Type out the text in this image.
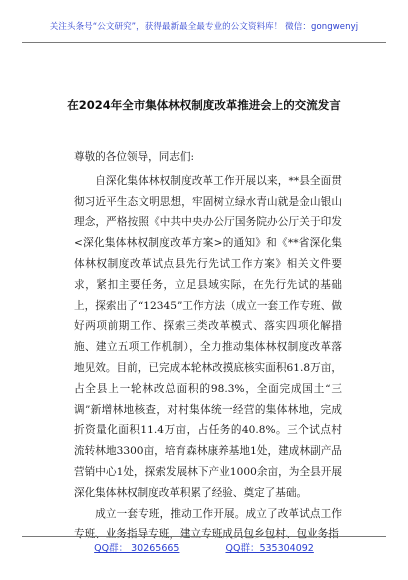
关注头条号“公文研究”，获得最新最全最专业的公文资料库！ 微信：gongwenyj
在2024年全市集体林权制度改革推进会上的交流发言

尊敬的各位领导，同志们:

自深化集体林权制度改革工作开展以来，**县全面贯彻习近平生态文明思想，牢固树立绿水青山就是金山银山理念，严格按照《中共中央办公厅国务院办公厅关于印发<深化集体林权制度改革方案>的通知》和《**省深化集体林权制度改革试点县先行先试工作方案》相关文件要求，紧扣主要任务，立足县域实际，在先行先试的基础上，探索出了“12345”工作方法（成立一套工作专班、做好两项前期工作、探索三类改革模式、落实四项化解措施、建立五项工作机制），全力推动集体林权制度改革落地见效。目前，已完成本轮林改摸底核实面积61.8万亩，占全县上一轮林改总面积的98.3%，全面完成国土“三调”新增林地核查，对村集体统一经营的集体林地，完成折资量化面积11.4万亩，占任务的40.8%。三个试点村流转林地3300亩，培育森林康养基地1处，建成林副产品营销中心1处，探索发展林下产业1000余亩，为全县开展深化集体林权制度改革积累了经验、奠定了基础。

成立一套专班，推动工作开展。成立了改革试点工作专班、业务指导专班，建立专班成员包乡包村、包业务指

QQ群： 30265665	QQ群：535304092
